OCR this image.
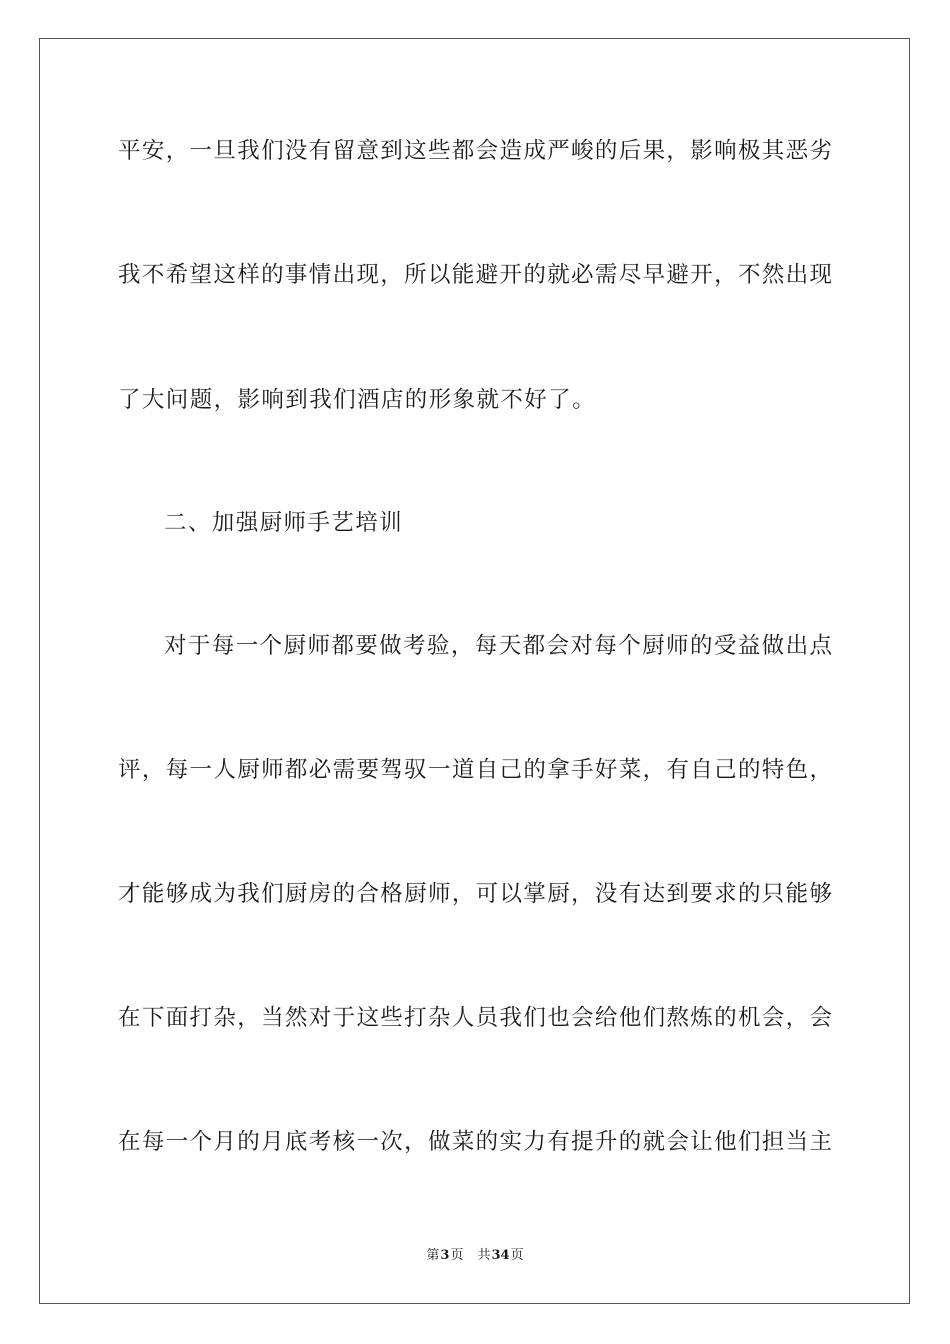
平安，一旦我们没有留意到这些都会造成严峻的后果，影响极其恶劣
我不希望这样的事情出现，所以能避开的就必需尽早避开，不然出现
了大问题，影响到我们酒店的形象就不好了。
二、加强厨师手艺培训
对于每一个厨师都要做考验，每天都会对每个厨师的受益做出点
评，每一人厨师都必需要驾驭一道自己的拿手好菜，有自己的特色，
才能够成为我们厨房的合格厨师，可以掌厨，没有达到要求的只能够
在下面打杂，当然对于这些打杂人员我们也会给他们熬炼的机会，会
在每一个月的月底考核一次，做菜的实力有提升的就会让他们担当主
第3页 共34页
